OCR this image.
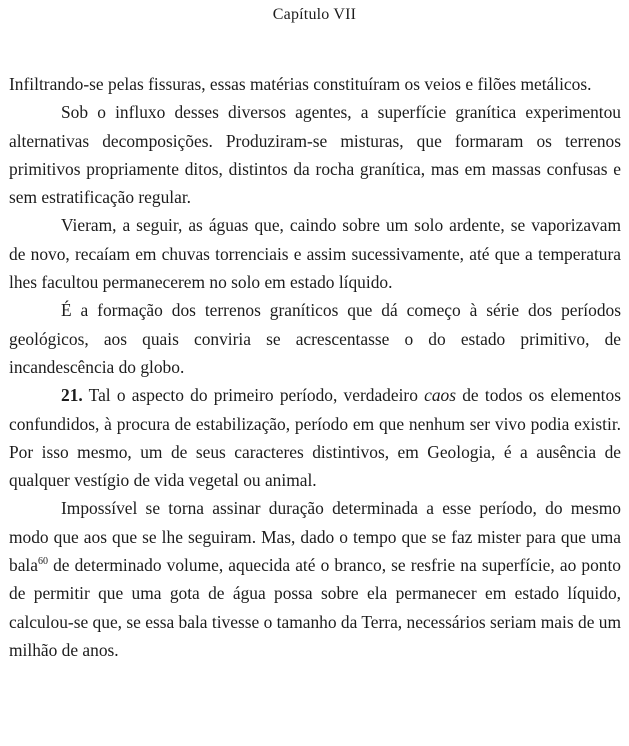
Capítulo VII

Infiltrando-se pelas fissuras, essas matérias constituíram os veios e filões metálicos.

Sob o influxo desses diversos agentes, a superfície granítica experimentou alternativas decomposições. Produziram-se misturas, que formaram os terrenos primitivos propriamente ditos, distintos da rocha granítica, mas em massas confusas e sem estratificação regular.

Vieram, a seguir, as águas que, caindo sobre um solo ardente, se vaporizavam de novo, recaíam em chuvas torrenciais e assim sucessivamente, até que a temperatura lhes facultou permanecerem no solo em estado líquido.

É a formação dos terrenos graníticos que dá começo à série dos períodos geológicos, aos quais conviria se acrescentasse o do estado primitivo, de incandescência do globo.

21. Tal o aspecto do primeiro período, verdadeiro caos de todos os elementos confundidos, à procura de estabilização, período em que nenhum ser vivo podia existir. Por isso mesmo, um de seus caracteres distintivos, em Geologia, é a ausência de qualquer vestígio de vida vegetal ou animal.

Impossível se torna assinar duração determinada a esse período, do mesmo modo que aos que se lhe seguiram. Mas, dado o tempo que se faz mister para que uma bala$^{60}$ de determinado volume, aquecida até o branco, se resfrie na superfície, ao ponto de permitir que uma gota de água possa sobre ela permanecer em estado líquido, calculou-se que, se essa bala tivesse o tamanho da Terra, necessários seriam mais de um milhão de anos.
